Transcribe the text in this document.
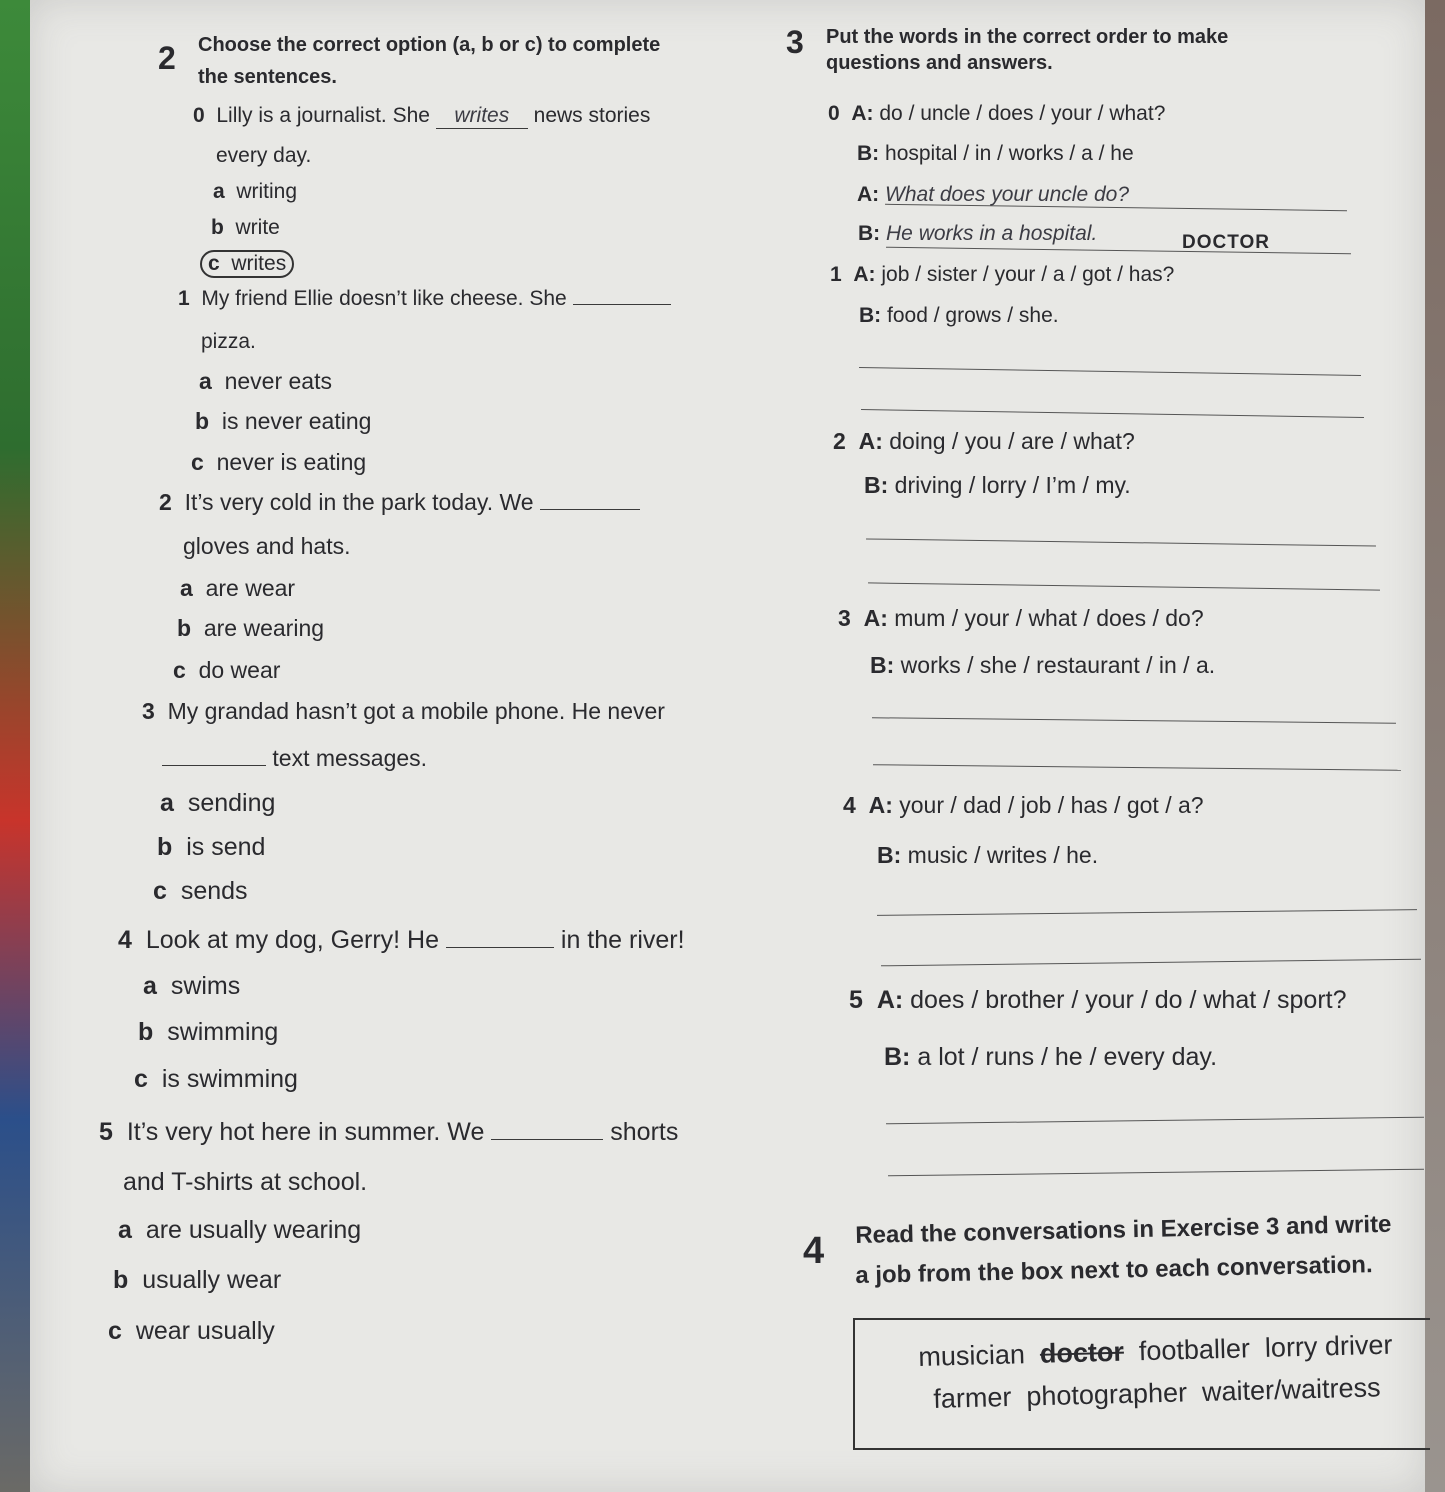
2 Choose the correct option (a, b or c) to complete
the sentences.
0 Lilly is a journalist. She writes news stories
every day.
a writing
b write
c writes
1 My friend Ellie doesn’t like cheese. She
pizza.
a never eats
b is never eating
c never is eating
2 It’s very cold in the park today. We
gloves and hats.
a are wear
b are wearing
c do wear
3 My grandad hasn’t got a mobile phone. He never
text messages.
a sending
b is send
c sends
4 Look at my dog, Gerry! He	in the river!
a swims
b swimming
c is swimming
5 It’s very hot here in summer. We	shorts
and T-shirts at school.
a are usually wearing
b usually wear
c wear usually
3 Put the words in the correct order to make
questions and answers.
0 A: do / uncle / does / your / what?
B: hospital / in / works / a / he
A: What does your uncle do?
B: He works in a hospital.	DOCTOR
1 A: job / sister / your / a / got / has?
B: food / grows / she.
2 A: doing / you / are / what?
B: driving / lorry / I’m / my.
3 A: mum / your / what / does / do?
B: works / she / restaurant / in / a.
4 A: your / dad / job / has / got / a?
B: music / writes / he.
5 A: does / brother / your / do / what / sport?
B: a lot / runs / he / every day.
4
Read the conversations in Exercise 3 and write
a job from the box next to each conversation.
musician doctor footballer lorry driver
farmer photographer waiter/waitress
